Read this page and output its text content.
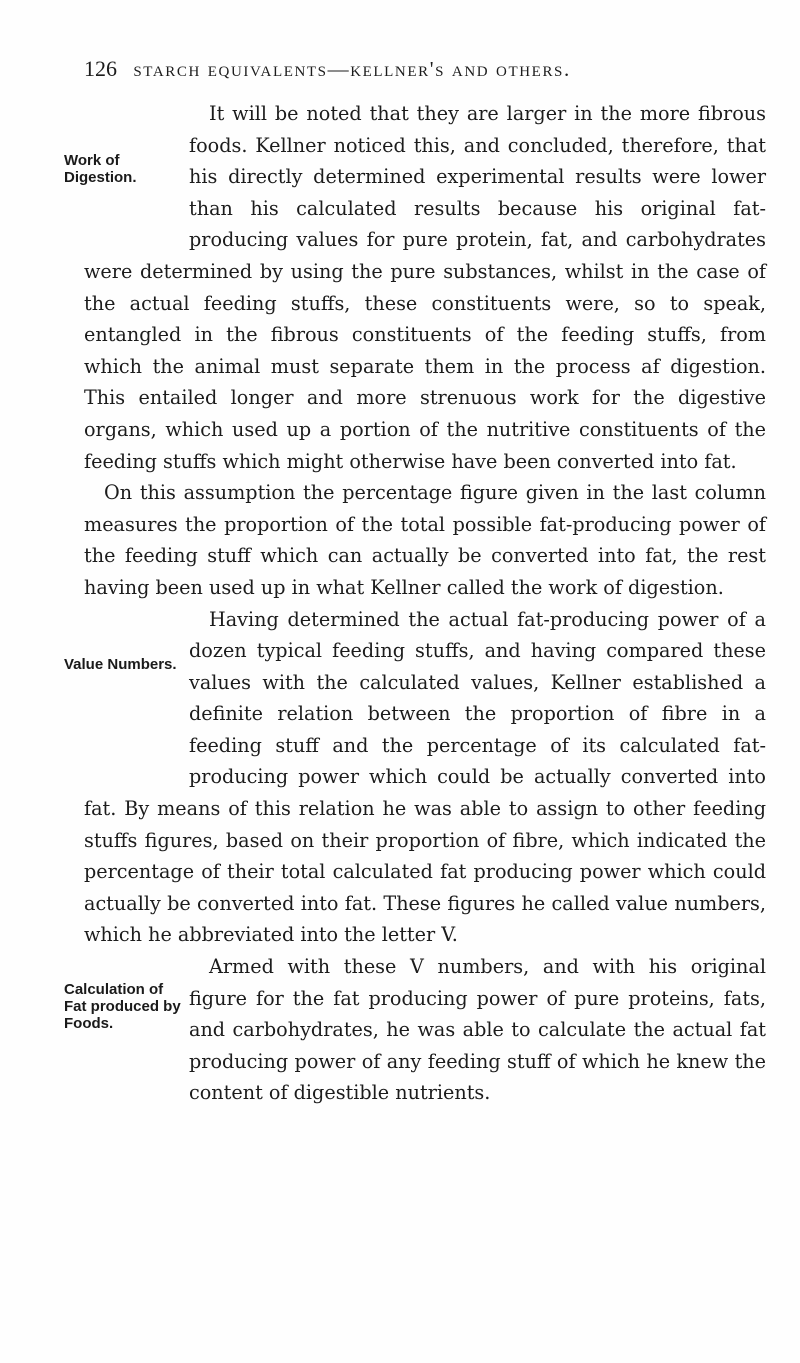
126 starch equivalents—kellner's and others.

Work of Digestion.
It will be noted that they are larger in the more fibrous foods. Kellner noticed this, and concluded, therefore, that his directly determined experimental results were lower than his calculated results because his original fat-producing values for pure protein, fat, and carbohydrates were determined by using the pure substances, whilst in the case of the actual feeding stuffs, these constituents were, so to speak, entangled in the fibrous constituents of the feeding stuffs, from which the animal must separate them in the process af digestion. This entailed longer and more strenuous work for the digestive organs, which used up a portion of the nutritive constituents of the feeding stuffs which might otherwise have been converted into fat.

On this assumption the percentage figure given in the last column measures the proportion of the total possible fat-producing power of the feeding stuff which can actually be converted into fat, the rest having been used up in what Kellner called the work of digestion.

Value Numbers.
Having determined the actual fat-producing power of a dozen typical feeding stuffs, and having compared these values with the calculated values, Kellner established a definite relation between the proportion of fibre in a feeding stuff and the percentage of its calculated fat-producing power which could be actually converted into fat. By means of this relation he was able to assign to other feeding stuffs figures, based on their proportion of fibre, which indicated the percentage of their total calculated fat producing power which could actually be converted into fat. These figures he called value numbers, which he abbreviated into the letter V.

Calculation of Fat produced by Foods.
Armed with these V numbers, and with his original figure for the fat producing power of pure proteins, fats, and carbohydrates, he was able to calculate the actual fat producing power of any feeding stuff of which he knew the content of digestible nutrients.
